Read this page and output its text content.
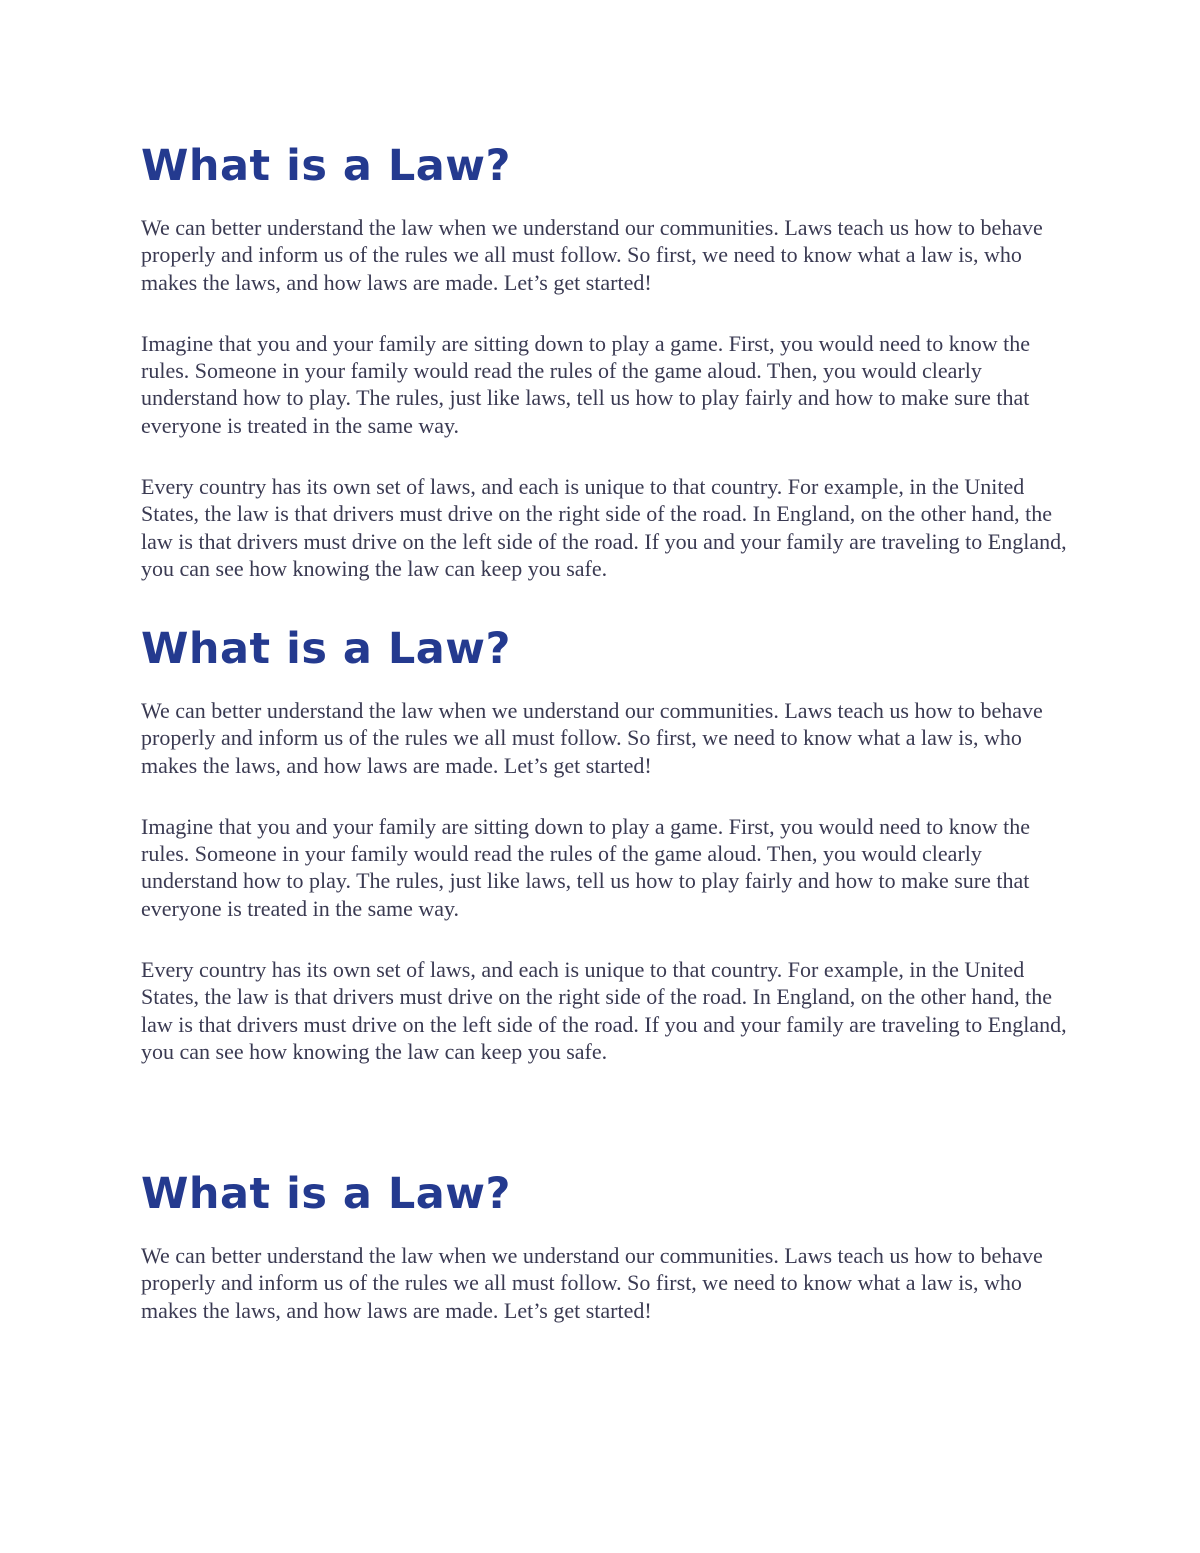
What is a Law?

We can better understand the law when we understand our communities. Laws teach us how to behave properly and inform us of the rules we all must follow. So first, we need to know what a law is, who makes the laws, and how laws are made. Let’s get started!

Imagine that you and your family are sitting down to play a game. First, you would need to know the rules. Someone in your family would read the rules of the game aloud. Then, you would clearly understand how to play. The rules, just like laws, tell us how to play fairly and how to make sure that everyone is treated in the same way.

Every country has its own set of laws, and each is unique to that country. For example, in the United States, the law is that drivers must drive on the right side of the road. In England, on the other hand, the law is that drivers must drive on the left side of the road. If you and your family are traveling to England, you can see how knowing the law can keep you safe.

What is a Law?

We can better understand the law when we understand our communities. Laws teach us how to behave properly and inform us of the rules we all must follow. So first, we need to know what a law is, who makes the laws, and how laws are made. Let’s get started!

Imagine that you and your family are sitting down to play a game. First, you would need to know the rules. Someone in your family would read the rules of the game aloud. Then, you would clearly understand how to play. The rules, just like laws, tell us how to play fairly and how to make sure that everyone is treated in the same way.

Every country has its own set of laws, and each is unique to that country. For example, in the United States, the law is that drivers must drive on the right side of the road. In England, on the other hand, the law is that drivers must drive on the left side of the road. If you and your family are traveling to England, you can see how knowing the law can keep you safe.

What is a Law?

We can better understand the law when we understand our communities. Laws teach us how to behave properly and inform us of the rules we all must follow. So first, we need to know what a law is, who makes the laws, and how laws are made. Let’s get started!
